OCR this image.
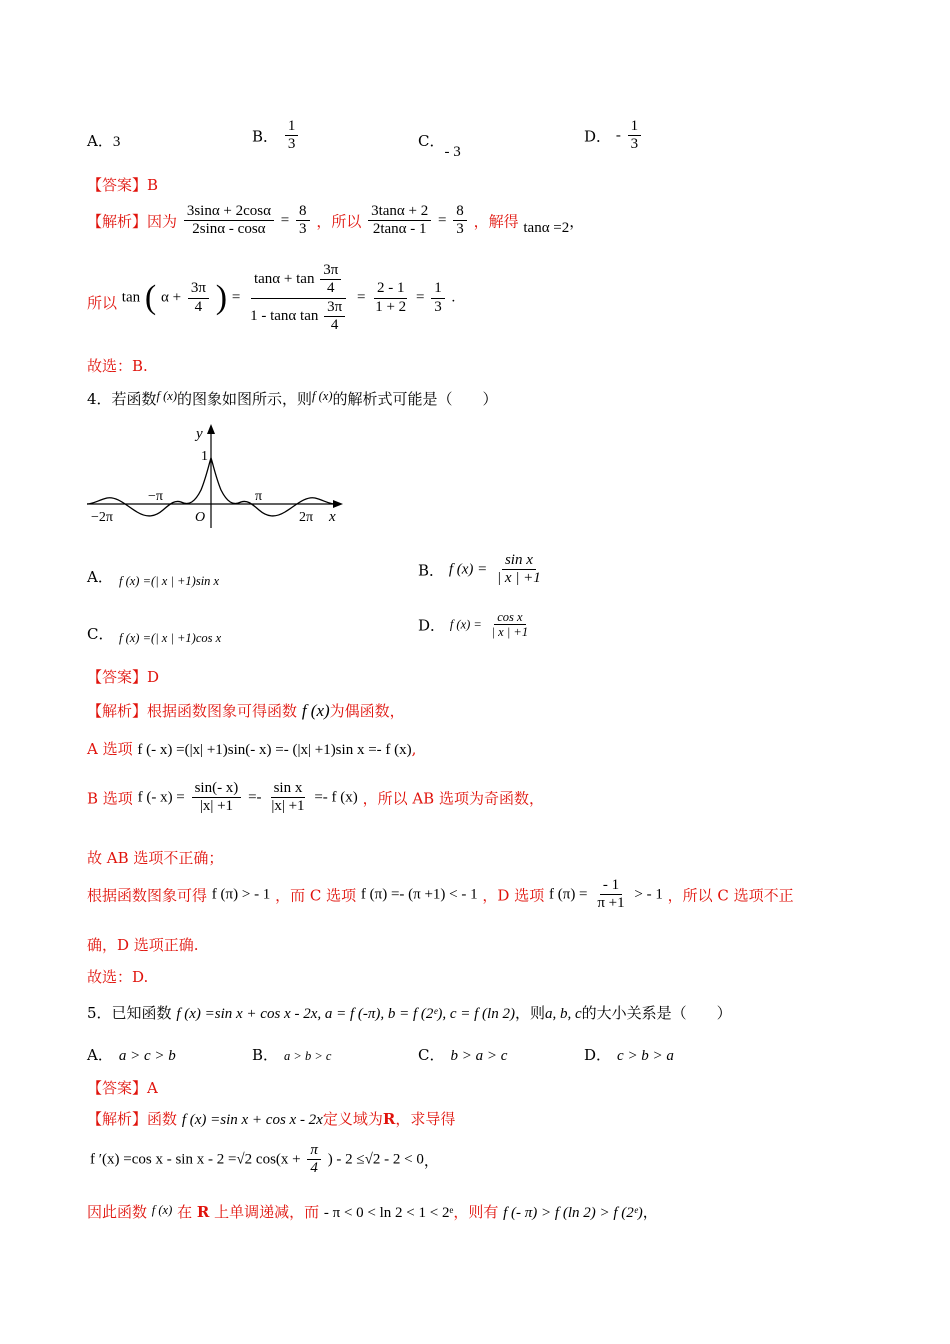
A．3	B． $\frac{1}{3}$	C．- 3
D． - $\frac{1}{3}$
【答案】B
【解析】因为 $\frac{3\sin\alpha + 2\cos\alpha}{2\sin\alpha - \cos\alpha} = \frac{8}{3}$ ，所以 $\frac{3\tan\alpha + 2}{2\tan\alpha - 1} = \frac{8}{3}$ ，解得 tanα =2，
所以 tan ( $\alpha + \frac{3\pi}{4}$ ) = $\frac{\tan\alpha + \tan \frac{3\pi}{4}}{1 - \tan\alpha \tan \frac{3\pi}{4}} = \frac{2 - 1}{1 + 2} = \frac{1}{3}$ .
故选：B.
4．若函数$^{f (x)}$的图象如图所示，则$^{f (x)}$的解析式可能是（　　）
y
1
−π	π
−2π	O	2π x
A． f (x) =(| x | +1)sin x
B． f $(x) = \frac{\text{sin x}}{| x | +1}$
C． f (x) =(| x | +1)cos x
D． f $(x) = \frac{\text{cos x}}{| x | +1}$
【答案】D
【解析】根据函数图象可得函数 f (x)为偶函数，
A 选项 f (- x) =(|x| +1)sin(- x) =- (|x| +1)sin x =- f (x),
B 选项 f (- $x) = \frac{\sin(- x)}{|x| +1} =- \frac{\text{sin x}}{|x| +1} =- f$ (x) ，所以 AB 选项为奇函数，
故 AB 选项不正确；
根据函数图象可得 f (π) > - 1 ，而 C 选项 f (π) =- (π +1) < - 1 ，D 选项 f $(\pi) = \frac{- 1}{\pi +1}$ > - 1 ，所以 C 选项不正
确，D 选项正确.
故选：D.
5．已知函数 f (x) =sin x + cos x - 2x, a = f (-π), b = f (2ᵉ), c = f (ln 2)，则a, b, c的大小关系是（　　）
A． a > c > b	B． a > b > c	C． b > a > c	D． c > b > a
【答案】A
【解析】函数 f (x) =sin x + cos x - 2x定义域为R，求导得
f ′(x) =cos x - sin x - 2 =√2 $\cos(x + \frac{\pi}{4}$ ) - 2 ≤√2 - 2 < 0，
因此函数 $^{f (x)}$ 在 R 上单调递减，而 - π < 0 < ln 2 < 1 < 2ᵉ，则有 f (- π) > f (ln 2) > f (2ᵉ)，
